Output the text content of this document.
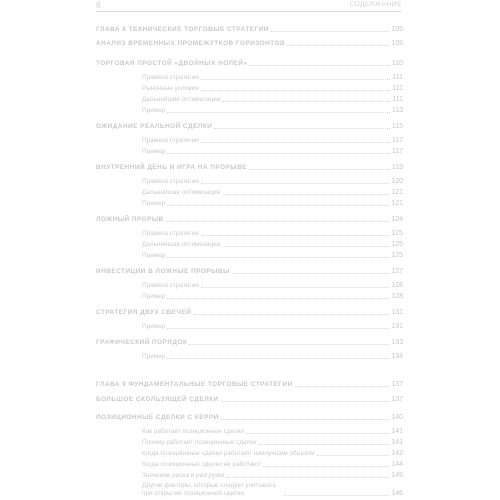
8	СОДЕРЖАНИЕ
ГЛАВА 8 ТЕХНИЧЕСКИЕ ТОРГОВЫЕ СТРАТЕГИИ	105
АНАЛИЗ ВРЕМЕННЫХ ПРОМЕЖУТКОВ ГОРИЗОНТОВ	105
ТОРГОВАЯ ПРОСТОЙ «ДВОЙНЫХ НОЛЕЙ»	110
Правила стратегии	111
Рыночные условия	111
Дальнейшие оптимизация	111
Пример	113
ОЖИДАНИЕ РЕАЛЬНОЙ СДЕЛКИ	115
Правила стратегии	117
Пример	117
ВНУТРЕННИЙ ДЕНЬ И ИГРА НА ПРОРЫВЕ	119
Правила стратегии	120
Дальнейшая оптимизация	121
Пример	121
ЛОЖНЫЙ ПРОРЫВ	124
Правила стратегии	125
Дальнейшая оптимизация	125
Пример	125
ИНВЕСТИЦИИ В ЛОЖНЫЕ ПРОРЫВЫ	127
Правила стратегии	128
Пример	128
СТРАТЕГИЯ ДВУХ СВЕЧЕЙ	131
Пример	131
ГРАФИЧЕСКИЙ ПОРЯДОК	133
Пример	134
ГЛАВА 9 ФУНДАМЕНТАЛЬНЫЕ ТОРГОВЫЕ СТРАТЕГИИ	137
БОЛЬШОЕ СКОЛЬЗЯЩЕЙ СДЕЛКИ	137
ПОЗИЦИОННЫЕ СДЕЛКИ С КЕРРИ	140
Как работает позиционные сделки	141
Почему работает позиционные сделки	141
Когда позиционные сделки работают наилучшим образом	142
Когда позиционные сделки не работают	144
Значение риска и разгрузки	145
Другие факторы, которые следует учитывать при открытии позиционной сделки	146
